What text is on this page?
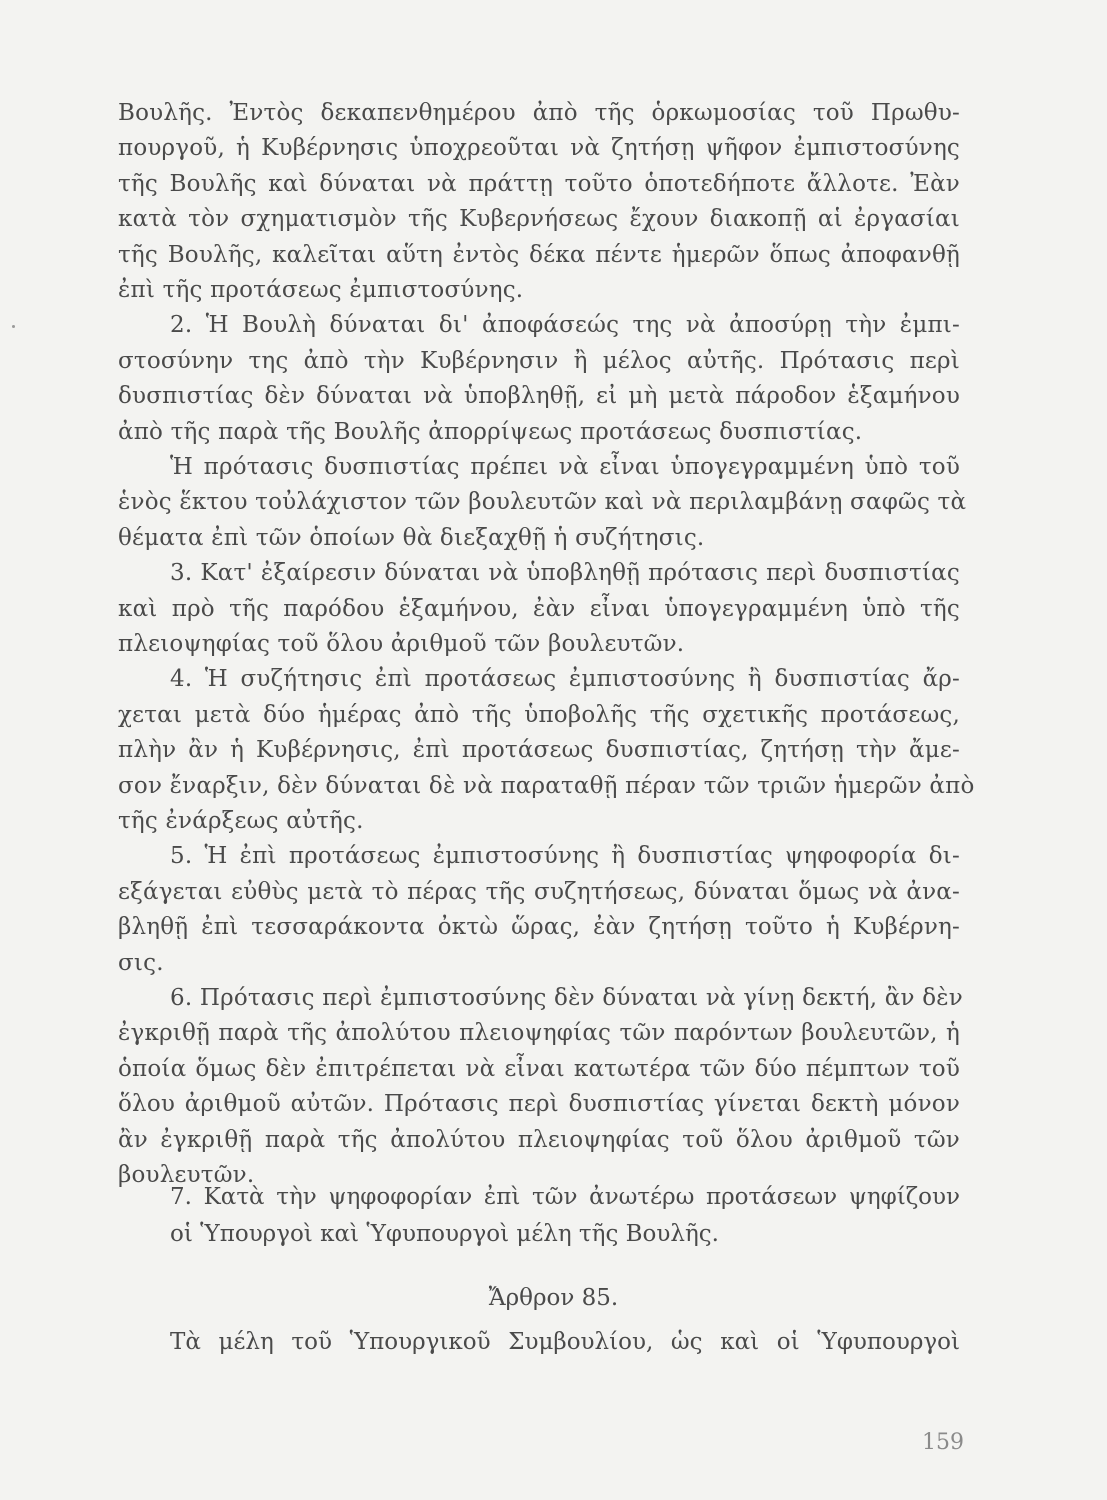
Βουλῆς. Ἐντὸς δεκαπενθημέρου ἀπὸ τῆς ὁρκωμοσίας τοῦ Πρωθυ-
πουργοῦ, ἡ Κυβέρνησις ὑποχρεοῦται νὰ ζητήσῃ ψῆφον ἐμπιστοσύνης
τῆς Βουλῆς καὶ δύναται νὰ πράττῃ τοῦτο ὁποτεδήποτε ἄλλοτε. Ἐὰν
κατὰ τὸν σχηματισμὸν τῆς Κυβερνήσεως ἔχουν διακοπῇ αἱ ἐργασίαι
τῆς Βουλῆς, καλεῖται αὕτη ἐντὸς δέκα πέντε ἡμερῶν ὅπως ἀποφανθῇ
ἐπὶ τῆς προτάσεως ἐμπιστοσύνης.
2. Ἡ Βουλὴ δύναται δι' ἀποφάσεώς της νὰ ἀποσύρῃ τὴν ἐμπι-
στοσύνην της ἀπὸ τὴν Κυβέρνησιν ἢ μέλος αὐτῆς. Πρότασις περὶ
δυσπιστίας δὲν δύναται νὰ ὑποβληθῇ, εἰ μὴ μετὰ πάροδον ἑξαμήνου
ἀπὸ τῆς παρὰ τῆς Βουλῆς ἀπορρίψεως προτάσεως δυσπιστίας.
Ἡ πρότασις δυσπιστίας πρέπει νὰ εἶναι ὑπογεγραμμένη ὑπὸ τοῦ
ἑνὸς ἕκτου τοὐλάχιστον τῶν βουλευτῶν καὶ νὰ περιλαμβάνῃ σαφῶς τὰ
θέματα ἐπὶ τῶν ὁποίων θὰ διεξαχθῇ ἡ συζήτησις.
3. Κατ' ἐξαίρεσιν δύναται νὰ ὑποβληθῇ πρότασις περὶ δυσπιστίας
καὶ πρὸ τῆς παρόδου ἑξαμήνου, ἐὰν εἶναι ὑπογεγραμμένη ὑπὸ τῆς
πλειοψηφίας τοῦ ὅλου ἀριθμοῦ τῶν βουλευτῶν.
4. Ἡ συζήτησις ἐπὶ προτάσεως ἐμπιστοσύνης ἢ δυσπιστίας ἄρ-
χεται μετὰ δύο ἡμέρας ἀπὸ τῆς ὑποβολῆς τῆς σχετικῆς προτάσεως,
πλὴν ἂν ἡ Κυβέρνησις, ἐπὶ προτάσεως δυσπιστίας, ζητήσῃ τὴν ἄμε-
σον ἔναρξιν, δὲν δύναται δὲ νὰ παραταθῇ πέραν τῶν τριῶν ἡμερῶν ἀπὸ
τῆς ἐνάρξεως αὐτῆς.
5. Ἡ ἐπὶ προτάσεως ἐμπιστοσύνης ἢ δυσπιστίας ψηφοφορία δι-
εξάγεται εὐθὺς μετὰ τὸ πέρας τῆς συζητήσεως, δύναται ὅμως νὰ ἀνα-
βληθῇ ἐπὶ τεσσαράκοντα ὀκτὼ ὥρας, ἐὰν ζητήσῃ τοῦτο ἡ Κυβέρνη-
σις.
6. Πρότασις περὶ ἐμπιστοσύνης δὲν δύναται νὰ γίνῃ δεκτή, ἂν δὲν
ἐγκριθῇ παρὰ τῆς ἀπολύτου πλειοψηφίας τῶν παρόντων βουλευτῶν, ἡ
ὁποία ὅμως δὲν ἐπιτρέπεται νὰ εἶναι κατωτέρα τῶν δύο πέμπτων τοῦ
ὅλου ἀριθμοῦ αὐτῶν. Πρότασις περὶ δυσπιστίας γίνεται δεκτὴ μόνον
ἂν ἐγκριθῇ παρὰ τῆς ἀπολύτου πλειοψηφίας τοῦ ὅλου ἀριθμοῦ τῶν
βουλευτῶν.
7. Κατὰ τὴν ψηφοφορίαν ἐπὶ τῶν ἀνωτέρω προτάσεων ψηφίζουν
οἱ Ὑπουργοὶ καὶ Ὑφυπουργοὶ μέλη τῆς Βουλῆς.
Ἄρθρον 85.
Τὰ μέλη τοῦ Ὑπουργικοῦ Συμβουλίου, ὡς καὶ οἱ Ὑφυπουργοὶ
159
